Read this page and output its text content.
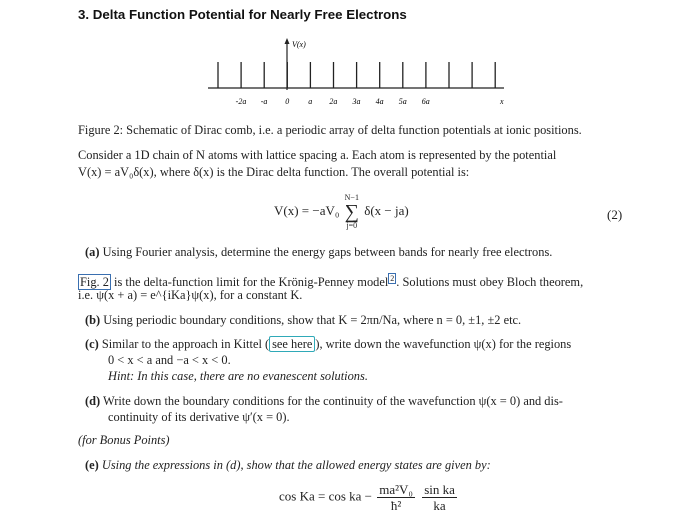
3. Delta Function Potential for Nearly Free Electrons
V(x)
-2a -a 0 a 2a 3a 4a 5a 6a	x
Figure 2: Schematic of Dirac comb, i.e. a periodic array of delta function potentials at ionic positions.
Consider a 1D chain of N atoms with lattice spacing a. Each atom is represented by the potential
V(x) = aV₀δ(x), where δ(x) is the Dirac delta function. The overall potential is:
V(x) = −aV₀
N−1
∑
j=0
δ(x − ja)	(2)
(a) Using Fourier analysis, determine the energy gaps between bands for nearly free electrons.
Fig. 2 is the delta-function limit for the Krönig-Penney model $^2$ . Solutions must obey Bloch theorem,
i.e. ψ(x + a) = e^{iKa}ψ(x), for a constant K.
(b) Using periodic boundary conditions, show that K = 2πn/Na, where n = 0, ±1, ±2 etc.
(c) Similar to the approach in Kittel ( see here ), write down the wavefunction ψ(x) for the regions
0 < x < a and −a < x < 0.
Hint: In this case, there are no evanescent solutions.
(d) Write down the boundary conditions for the continuity of the wavefunction ψ(x = 0) and dis-
continuity of its derivative ψ′(x = 0).
(for Bonus Points)
(e) Using the expressions in (d), show that the allowed energy states are given by:
cos Ka = cos ka − $\frac{\text{ma²V₀}}{\text{ħ²}}$
$\frac{\text{sin ka}}{ka}$
